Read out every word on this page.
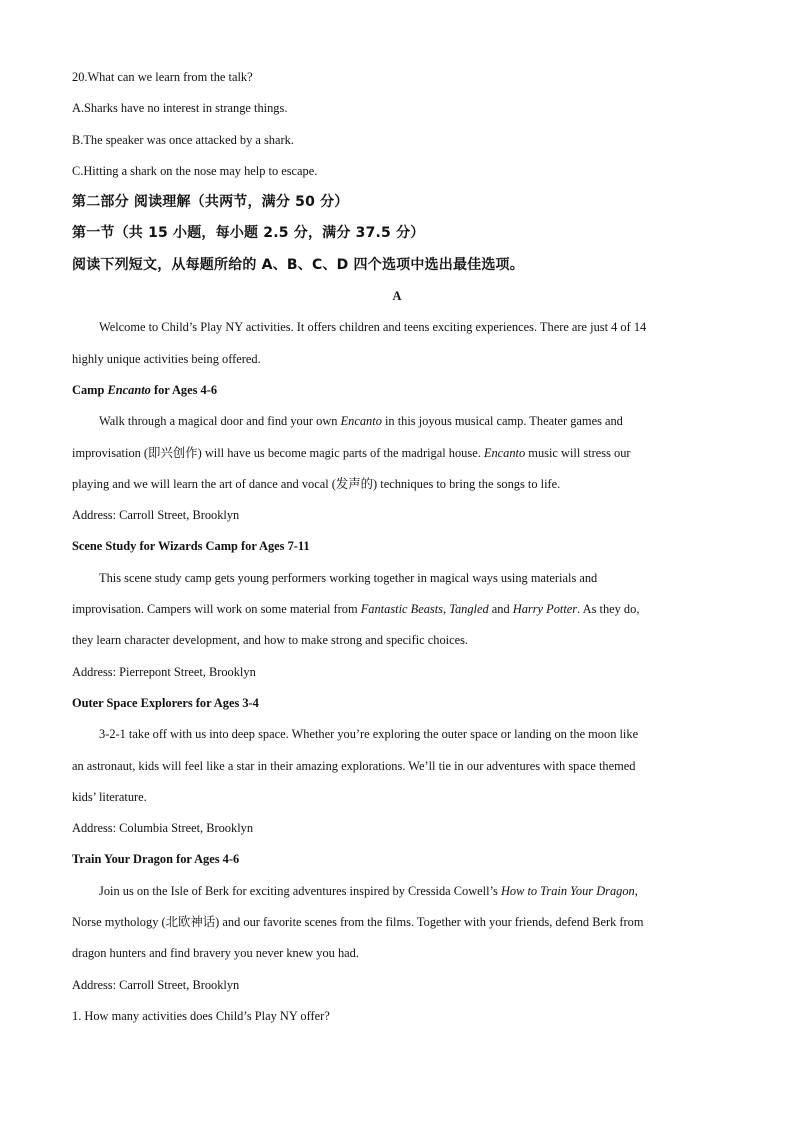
20.What can we learn from the talk?

A.Sharks have no interest in strange things.

B.The speaker was once attacked by a shark.

C.Hitting a shark on the nose may help to escape.

第二部分 阅读理解（共两节，满分 50 分）

第一节（共 15 小题，每小题 2.5 分，满分 37.5 分）

阅读下列短文，从每题所给的 A、B、C、D 四个选项中选出最佳选项。

A

Welcome to Child’s Play NY activities. It offers children and teens exciting experiences. There are just 4 of 14

highly unique activities being offered.

Camp Encanto for Ages 4-6

Walk through a magical door and find your own Encanto in this joyous musical camp. Theater games and

improvisation (即兴创作) will have us become magic parts of the madrigal house. Encanto music will stress our

playing and we will learn the art of dance and vocal (发声的) techniques to bring the songs to life.

Address: Carroll Street, Brooklyn

Scene Study for Wizards Camp for Ages 7-11

This scene study camp gets young performers working together in magical ways using materials and

improvisation. Campers will work on some material from Fantastic Beasts, Tangled and Harry Potter. As they do,

they learn character development, and how to make strong and specific choices.

Address: Pierrepont Street, Brooklyn

Outer Space Explorers for Ages 3-4

3-2-1 take off with us into deep space. Whether you’re exploring the outer space or landing on the moon like

an astronaut, kids will feel like a star in their amazing explorations. We’ll tie in our adventures with space themed

kids’ literature.

Address: Columbia Street, Brooklyn

Train Your Dragon for Ages 4-6

Join us on the Isle of Berk for exciting adventures inspired by Cressida Cowell’s How to Train Your Dragon,

Norse mythology (北欧神话) and our favorite scenes from the films. Together with your friends, defend Berk from

dragon hunters and find bravery you never knew you had.

Address: Carroll Street, Brooklyn

1. How many activities does Child’s Play NY offer?
